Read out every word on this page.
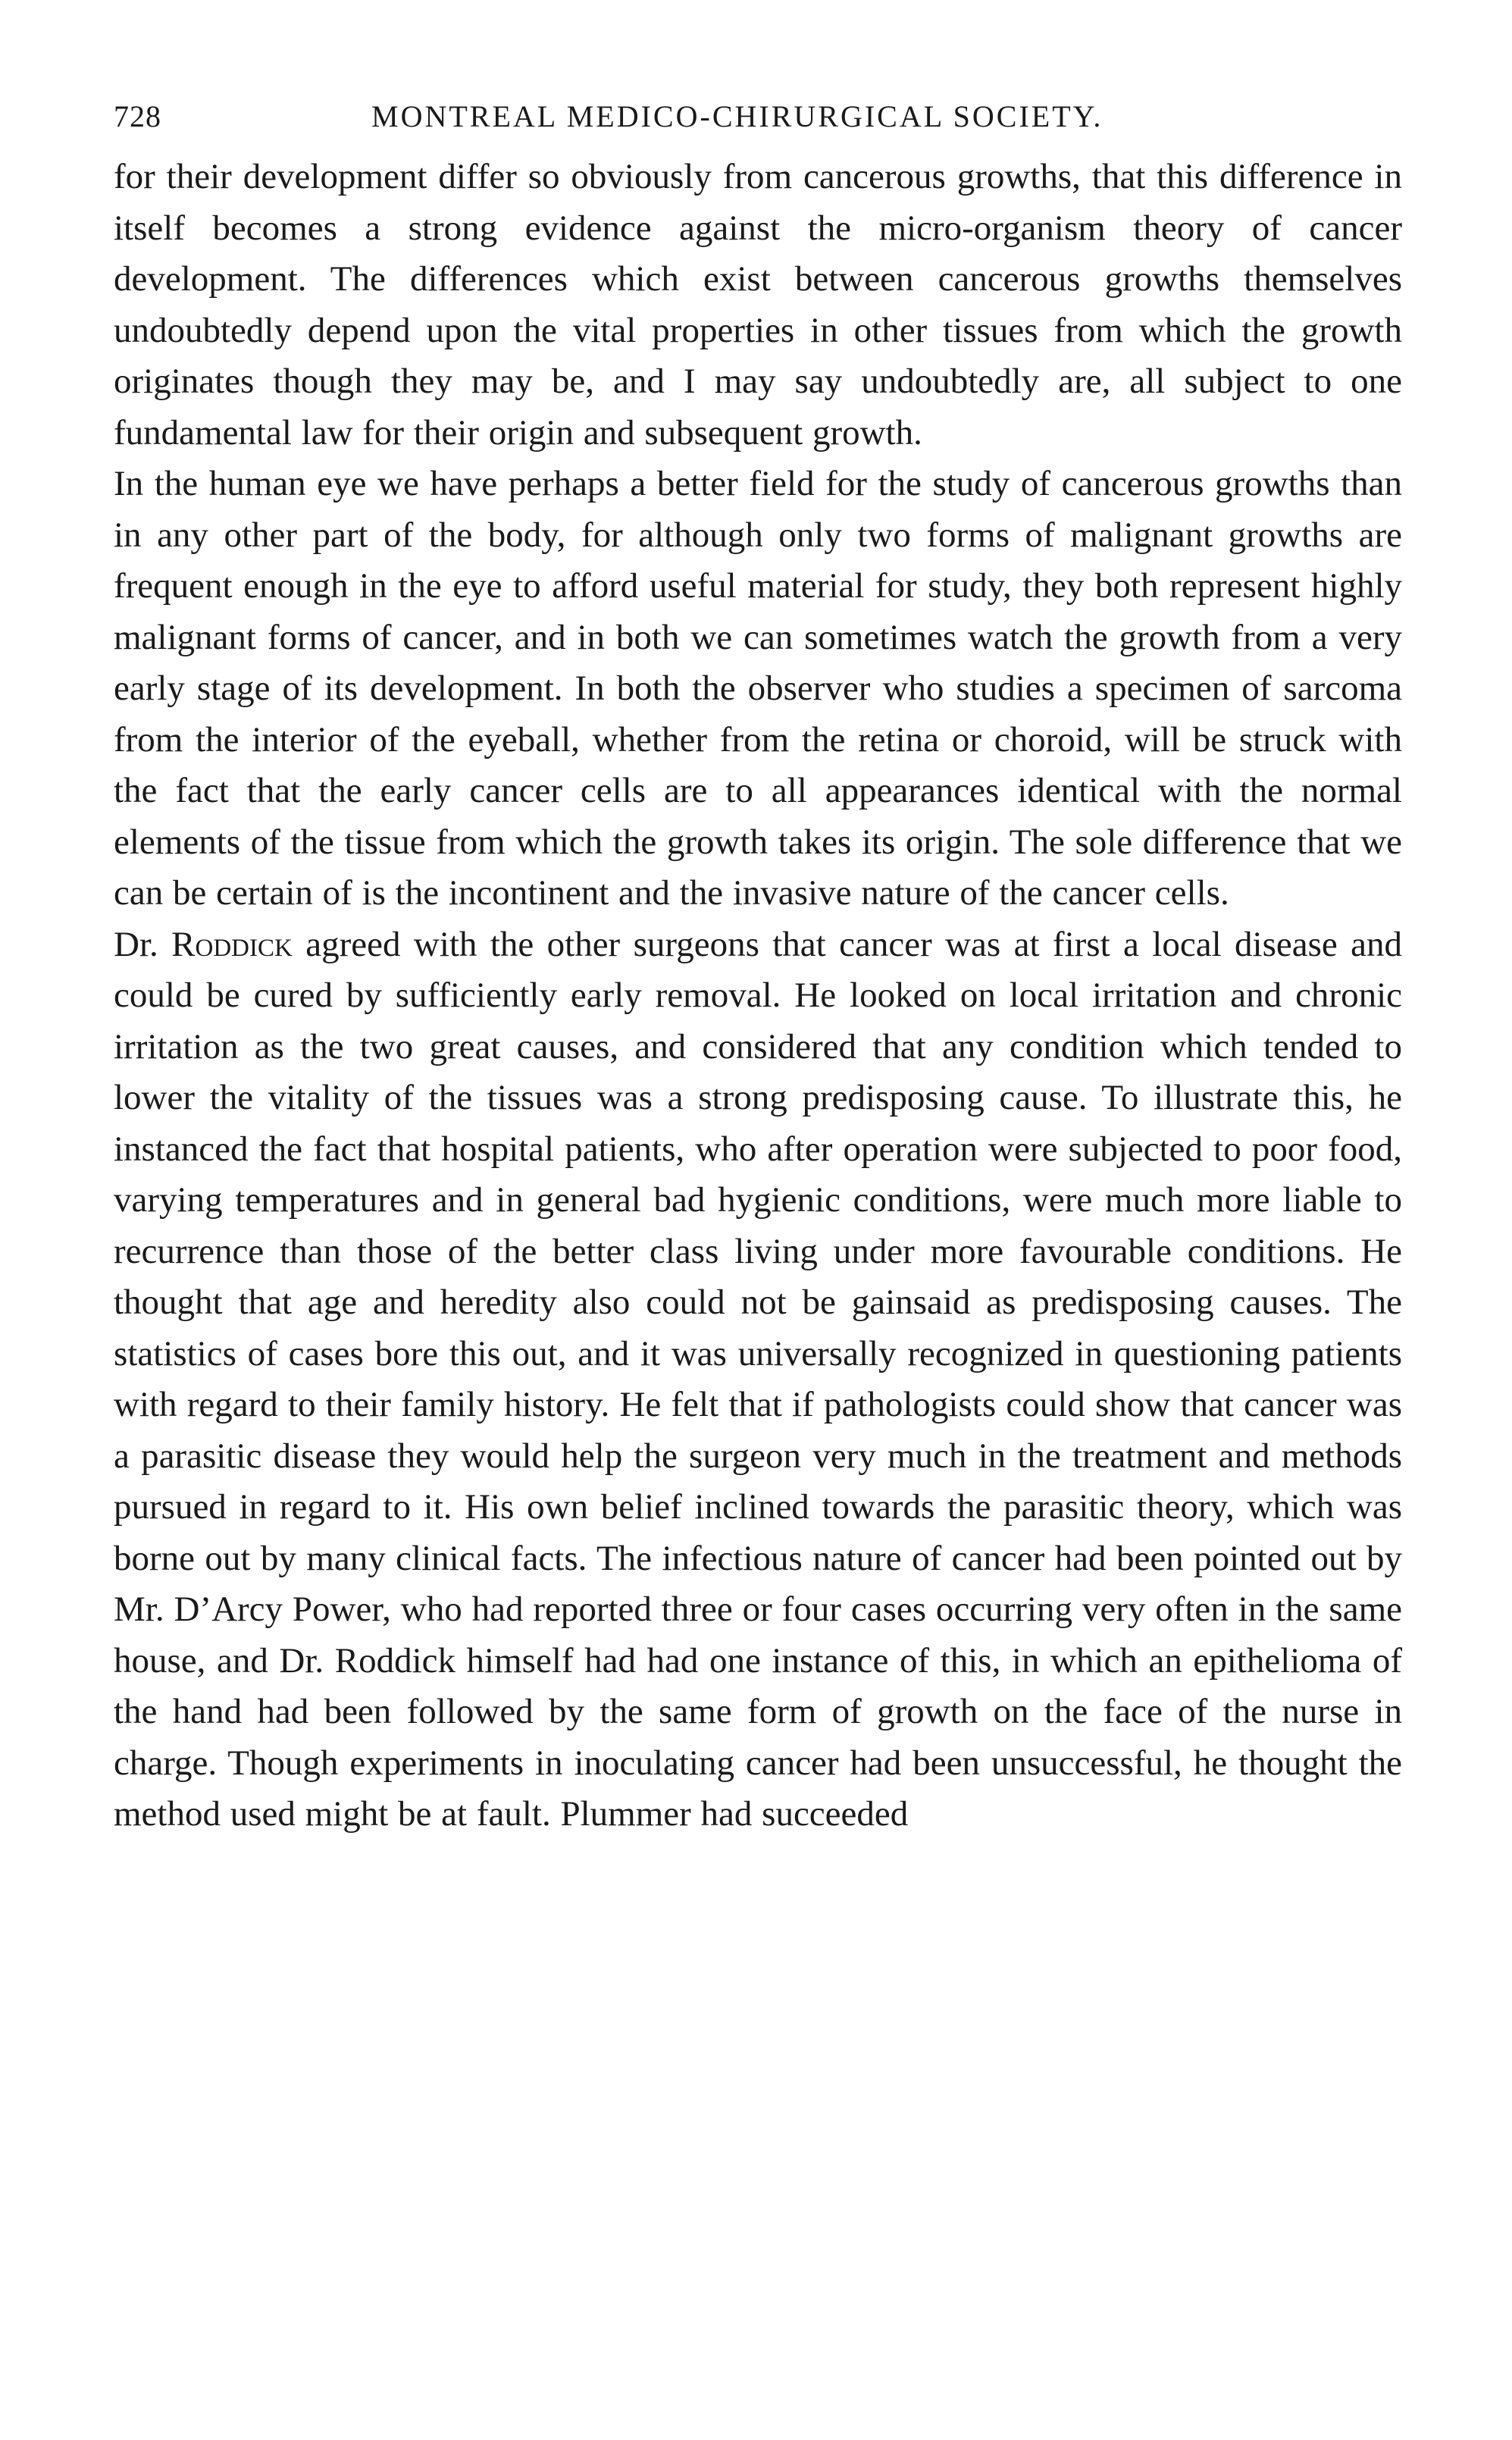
728	MONTREAL MEDICO-CHIRURGICAL SOCIETY.

for their development differ so obviously from cancerous growths, that this difference in itself becomes a strong evidence against the micro-organism theory of cancer development. The differences which exist between cancerous growths themselves undoubtedly depend upon the vital properties in other tissues from which the growth originates though they may be, and I may say undoubtedly are, all subject to one fundamental law for their origin and subsequent growth.

In the human eye we have perhaps a better field for the study of cancerous growths than in any other part of the body, for although only two forms of malignant growths are frequent enough in the eye to afford useful material for study, they both represent highly malignant forms of cancer, and in both we can sometimes watch the growth from a very early stage of its development. In both the observer who studies a specimen of sarcoma from the interior of the eyeball, whether from the retina or choroid, will be struck with the fact that the early cancer cells are to all appearances identical with the normal elements of the tissue from which the growth takes its origin. The sole difference that we can be certain of is the incontinent and the invasive nature of the cancer cells.

Dr. Roddick agreed with the other surgeons that cancer was at first a local disease and could be cured by sufficiently early removal. He looked on local irritation and chronic irritation as the two great causes, and considered that any condition which tended to lower the vitality of the tissues was a strong predisposing cause. To illustrate this, he instanced the fact that hospital patients, who after operation were subjected to poor food, varying temperatures and in general bad hygienic conditions, were much more liable to recurrence than those of the better class living under more favourable conditions. He thought that age and heredity also could not be gainsaid as predisposing causes. The statistics of cases bore this out, and it was universally recognized in questioning patients with regard to their family history. He felt that if pathologists could show that cancer was a parasitic disease they would help the surgeon very much in the treatment and methods pursued in regard to it. His own belief inclined towards the parasitic theory, which was borne out by many clinical facts. The infectious nature of cancer had been pointed out by Mr. D’Arcy Power, who had reported three or four cases occurring very often in the same house, and Dr. Roddick himself had had one instance of this, in which an epithelioma of the hand had been followed by the same form of growth on the face of the nurse in charge. Though experiments in inoculating cancer had been unsuccessful, he thought the method used might be at fault. Plummer had succeeded
